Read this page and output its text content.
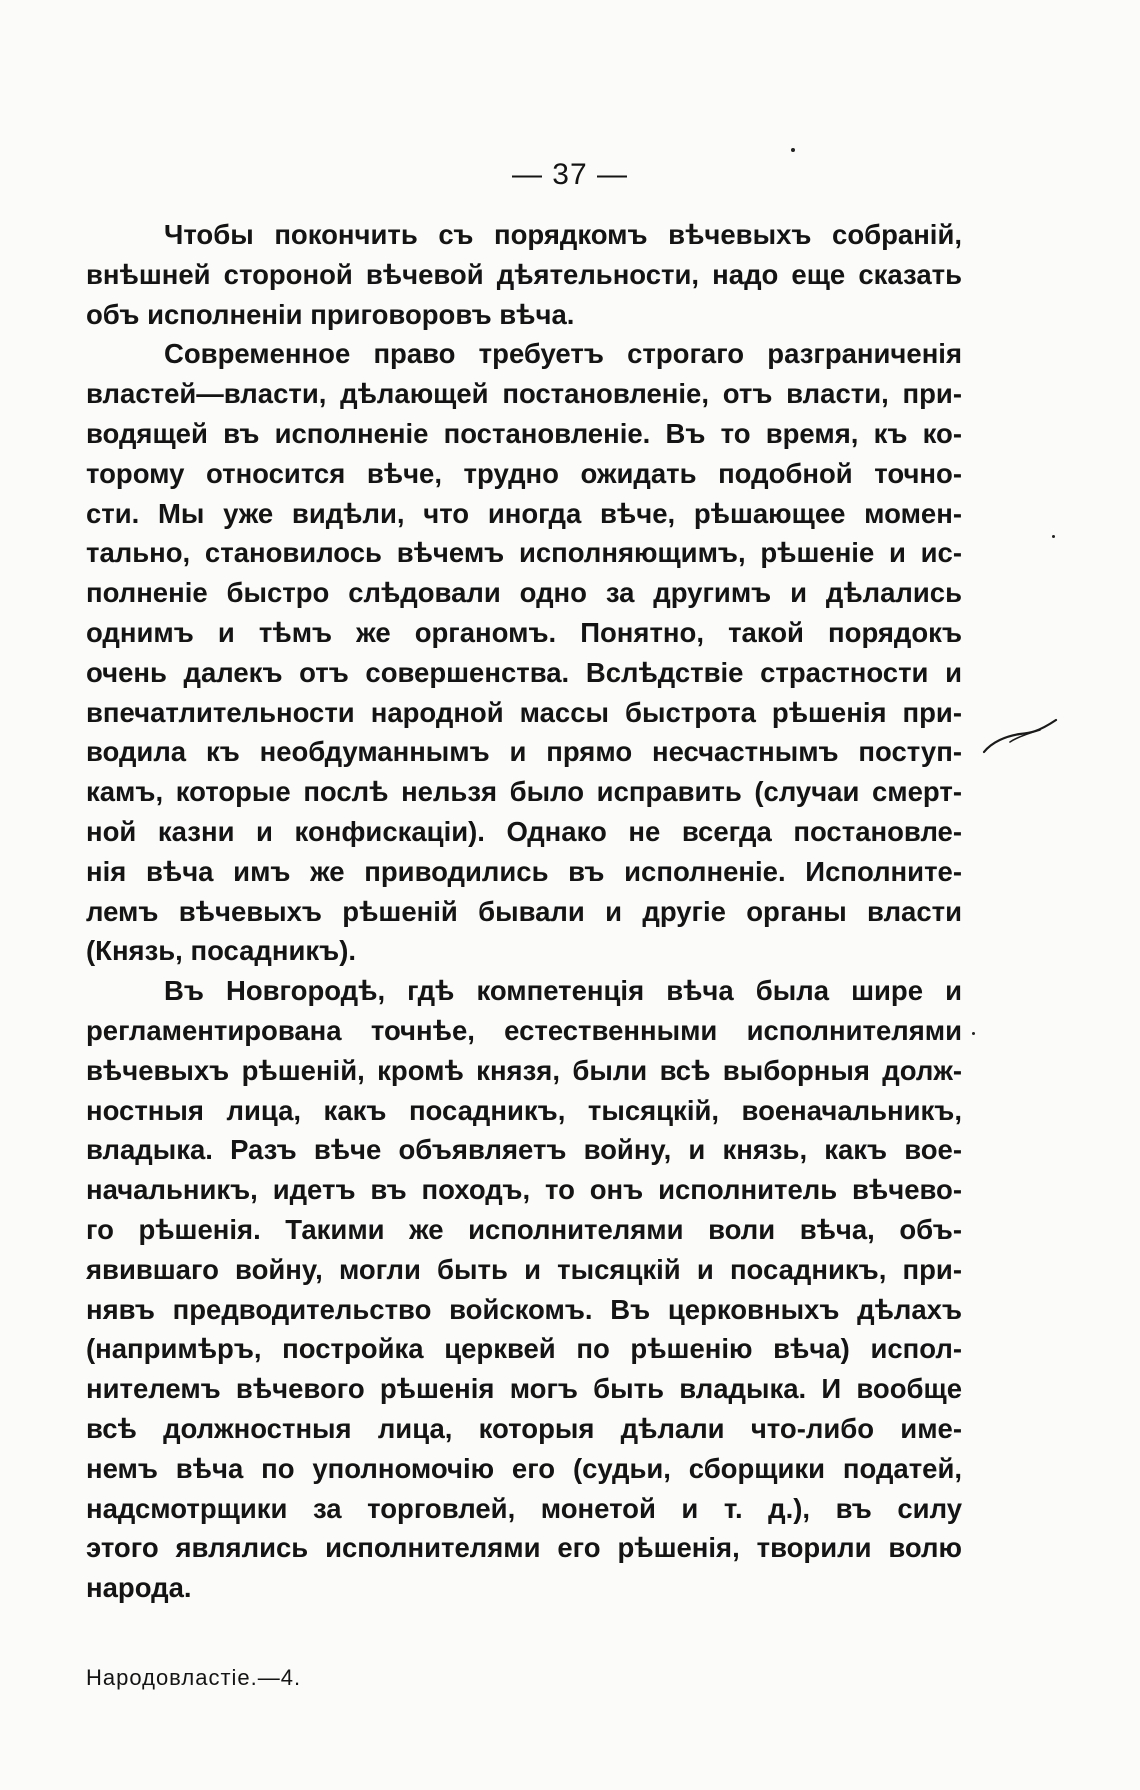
— 37 —
Чтобы покончить съ порядкомъ вѣчевыхъ собранiй,
внѣшней стороной вѣчевой дѣятельности, надо еще сказать
объ исполненiи приговоровъ вѣча.
Современное право требуетъ строгаго разграниченiя
властей—власти, дѣлающей постановленiе, отъ власти, при-
водящей въ исполненiе постановленiе. Въ то время, къ ко-
торому относится вѣче, трудно ожидать подобной точно-
сти. Мы уже видѣли, что иногда вѣче, рѣшающее момен-
тально, становилось вѣчемъ исполняющимъ, рѣшенiе и ис-
полненiе быстро слѣдовали одно за другимъ и дѣлались
однимъ и тѣмъ же органомъ. Понятно, такой порядокъ
очень далекъ отъ совершенства. Вслѣдствiе страстности и
впечатлительности народной массы быстрота рѣшенiя при-
водила къ необдуманнымъ и прямо несчастнымъ поступ-
камъ, которые послѣ нельзя было исправить (случаи смерт-
ной казни и конфискацiи). Однако не всегда постановле-
нiя вѣча имъ же приводились въ исполненiе. Исполните-
лемъ вѣчевыхъ рѣшенiй бывали и другiе органы власти
(Князь, посадникъ).
Въ Новгородѣ, гдѣ компетенцiя вѣча была шире и
регламентирована точнѣе, естественными исполнителями
вѣчевыхъ рѣшенiй, кромѣ князя, были всѣ выборныя долж-
ностныя лица, какъ посадникъ, тысяцкiй, военачальникъ,
владыка. Разъ вѣче объявляетъ войну, и князь, какъ вое-
начальникъ, идетъ въ походъ, то онъ исполнитель вѣчево-
го рѣшенiя. Такими же исполнителями воли вѣча, объ-
явившаго войну, могли быть и тысяцкiй и посадникъ, при-
нявъ предводительство войскомъ. Въ церковныхъ дѣлахъ
(напримѣръ, постройка церквей по рѣшенiю вѣча) испол-
нителемъ вѣчевого рѣшенiя могъ быть владыка. И вообще
всѣ должностныя лица, которыя дѣлали что-либо име-
немъ вѣча по уполномочiю его (судьи, сборщики податей,
надсмотрщики за торговлей, монетой и т. д.), въ силу
этого являлись исполнителями его рѣшенiя, творили волю
народа.
Народовластiе.—4.
